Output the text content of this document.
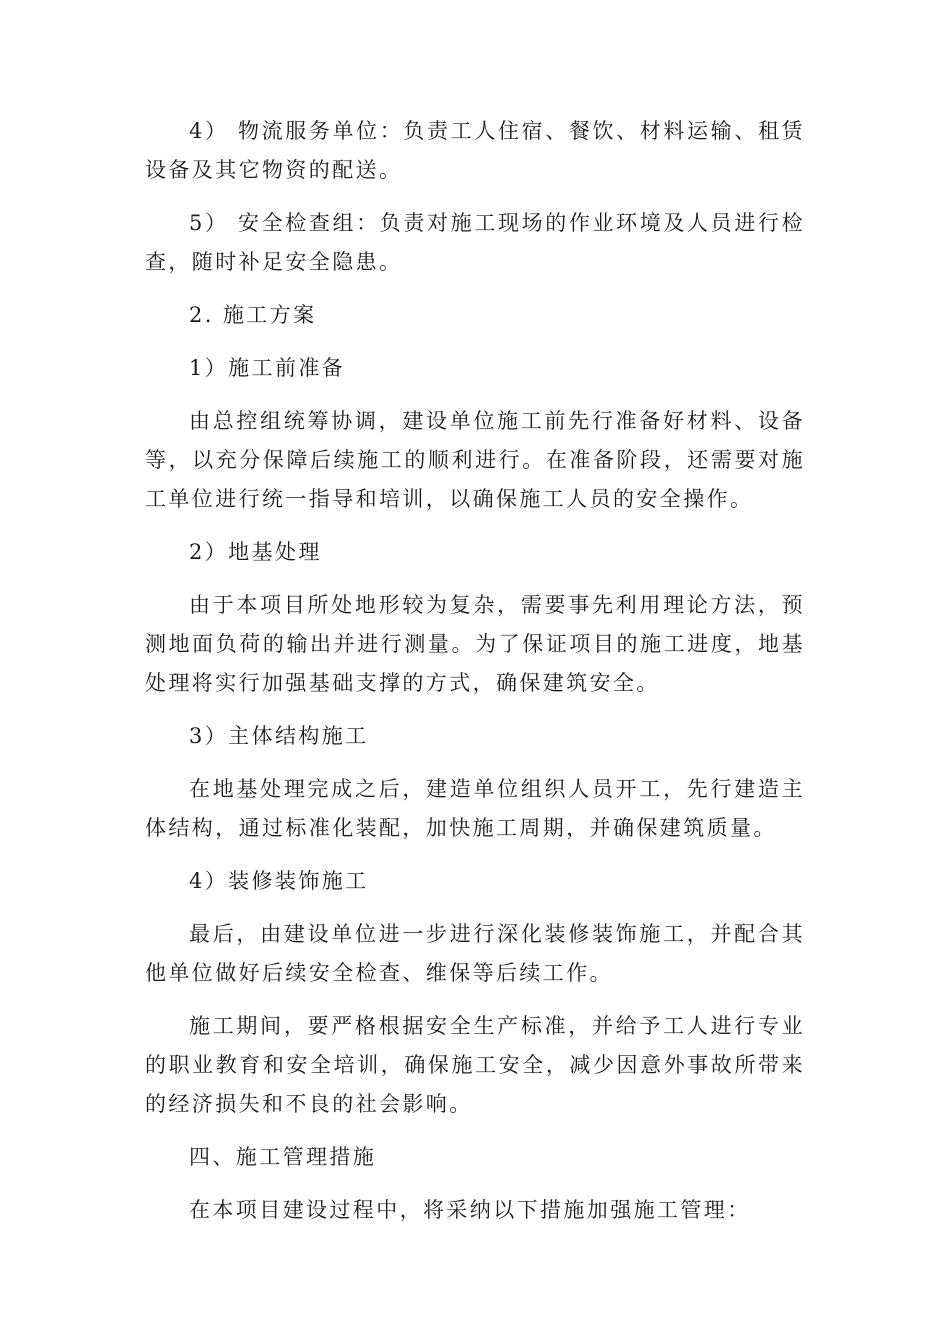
4） 物流服务单位：负责工人住宿、餐饮、材料运输、租赁设备及其它物资的配送。

5） 安全检查组：负责对施工现场的作业环境及人员进行检查，随时补足安全隐患。

2. 施工方案

1）施工前准备

由总控组统筹协调，建设单位施工前先行准备好材料、设备等，以充分保障后续施工的顺利进行。在准备阶段，还需要对施工单位进行统一指导和培训，以确保施工人员的安全操作。

2）地基处理

由于本项目所处地形较为复杂，需要事先利用理论方法，预测地面负荷的输出并进行测量。为了保证项目的施工进度，地基处理将实行加强基础支撑的方式，确保建筑安全。

3）主体结构施工

在地基处理完成之后，建造单位组织人员开工，先行建造主体结构，通过标准化装配，加快施工周期，并确保建筑质量。

4）装修装饰施工

最后，由建设单位进一步进行深化装修装饰施工，并配合其他单位做好后续安全检查、维保等后续工作。

施工期间，要严格根据安全生产标准，并给予工人进行专业的职业教育和安全培训，确保施工安全，减少因意外事故所带来的经济损失和不良的社会影响。

四、施工管理措施

在本项目建设过程中，将采纳以下措施加强施工管理：
